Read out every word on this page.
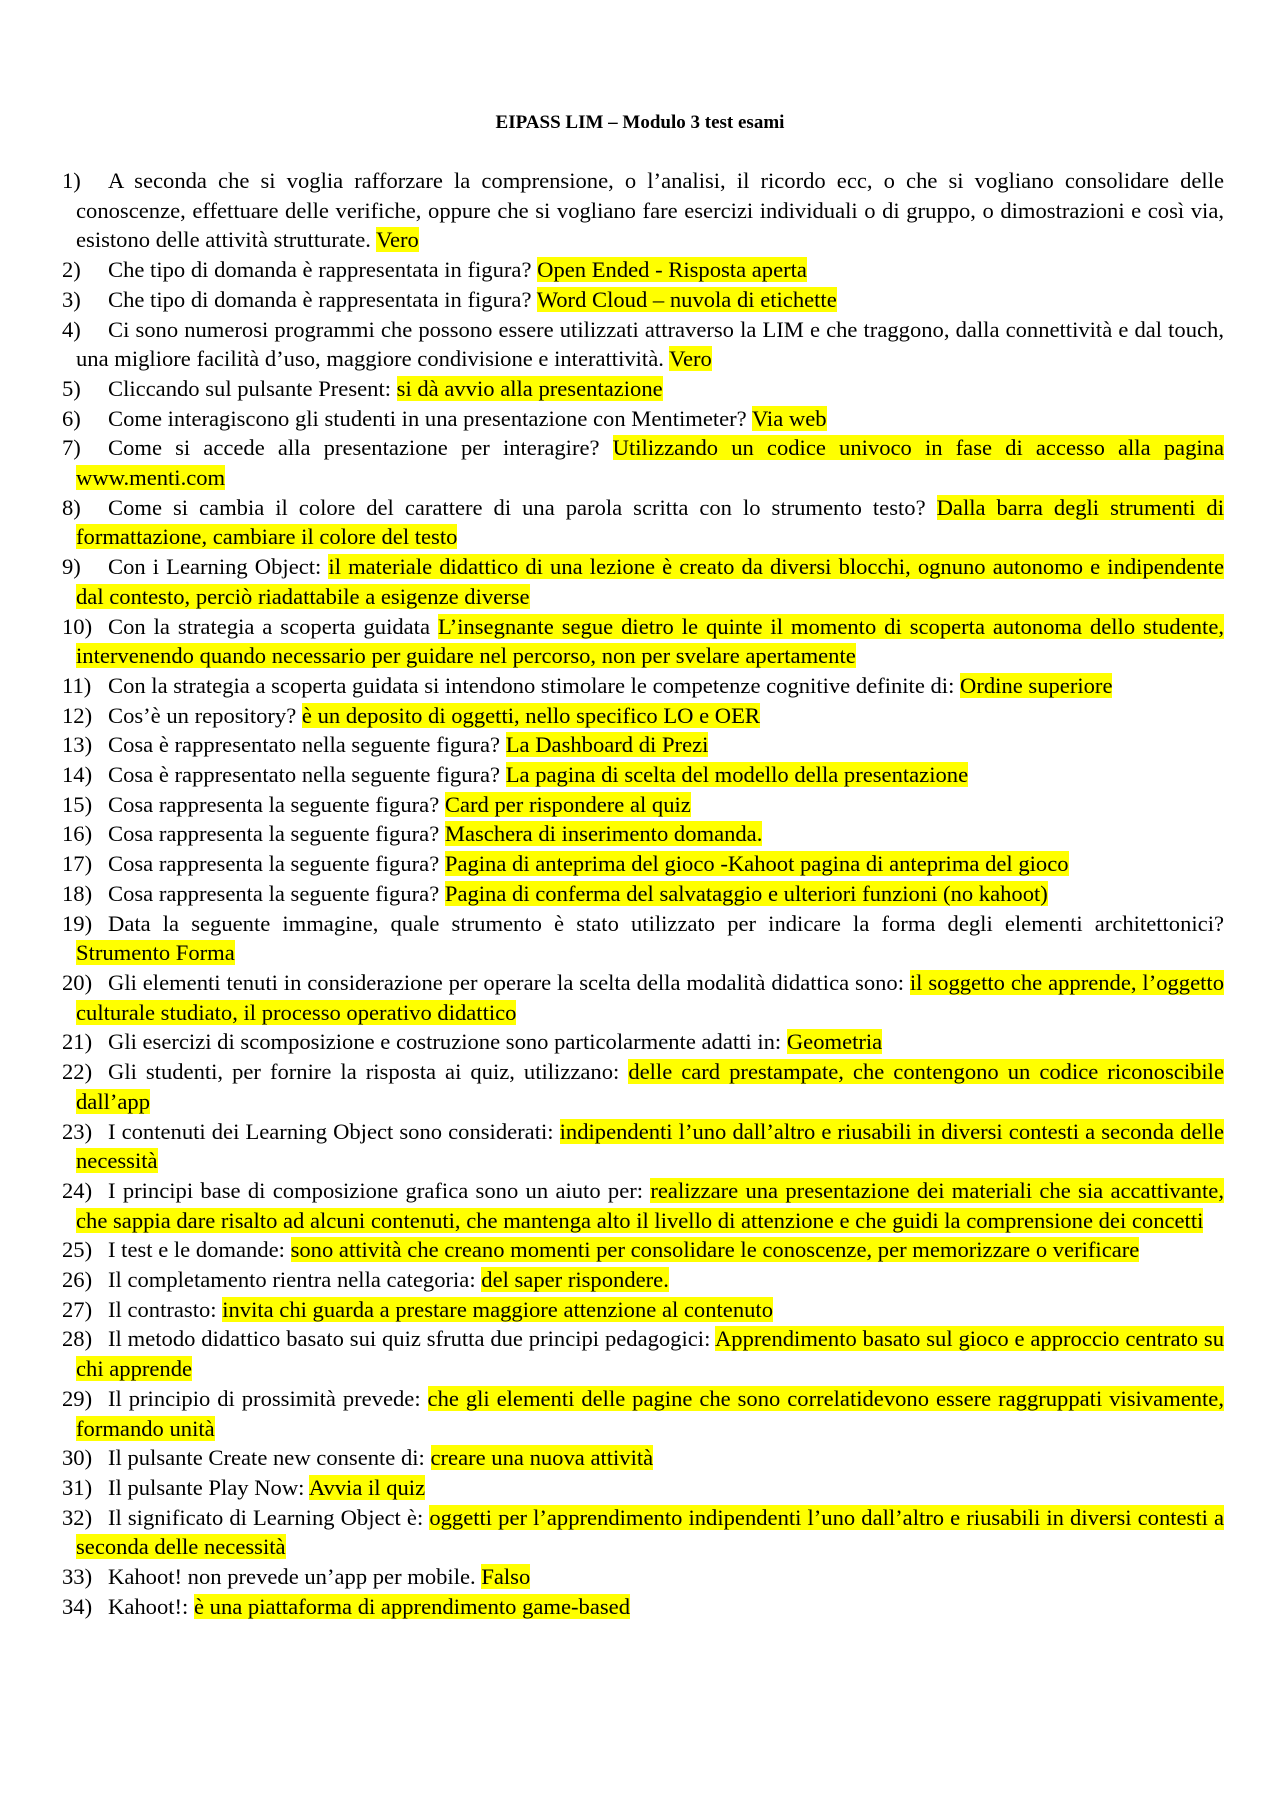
EIPASS LIM – Modulo 3 test esami
1) A seconda che si voglia rafforzare la comprensione, o l’analisi, il ricordo ecc, o che si vogliano consolidare delle conoscenze, effettuare delle verifiche, oppure che si vogliano fare esercizi individuali o di gruppo, o dimostrazioni e così via, esistono delle attività strutturate. Vero
2) Che tipo di domanda è rappresentata in figura? Open Ended - Risposta aperta
3) Che tipo di domanda è rappresentata in figura? Word Cloud – nuvola di etichette
4) Ci sono numerosi programmi che possono essere utilizzati attraverso la LIM e che traggono, dalla connettività e dal touch, una migliore facilità d’uso, maggiore condivisione e interattività. Vero
5) Cliccando sul pulsante Present: si dà avvio alla presentazione
6) Come interagiscono gli studenti in una presentazione con Mentimeter? Via web
7) Come si accede alla presentazione per interagire? Utilizzando un codice univoco in fase di accesso alla pagina www.menti.com
8) Come si cambia il colore del carattere di una parola scritta con lo strumento testo? Dalla barra degli strumenti di formattazione, cambiare il colore del testo
9) Con i Learning Object: il materiale didattico di una lezione è creato da diversi blocchi, ognuno autonomo e indipendente dal contesto, perciò riadattabile a esigenze diverse
10) Con la strategia a scoperta guidata L’insegnante segue dietro le quinte il momento di scoperta autonoma dello studente, intervenendo quando necessario per guidare nel percorso, non per svelare apertamente
11) Con la strategia a scoperta guidata si intendono stimolare le competenze cognitive definite di: Ordine superiore
12) Cos’è un repository? è un deposito di oggetti, nello specifico LO e OER
13) Cosa è rappresentato nella seguente figura? La Dashboard di Prezi
14) Cosa è rappresentato nella seguente figura? La pagina di scelta del modello della presentazione
15) Cosa rappresenta la seguente figura? Card per rispondere al quiz
16) Cosa rappresenta la seguente figura? Maschera di inserimento domanda.
17) Cosa rappresenta la seguente figura? Pagina di anteprima del gioco -Kahoot pagina di anteprima del gioco
18) Cosa rappresenta la seguente figura? Pagina di conferma del salvataggio e ulteriori funzioni (no kahoot)
19) Data la seguente immagine, quale strumento è stato utilizzato per indicare la forma degli elementi architettonici? Strumento Forma
20) Gli elementi tenuti in considerazione per operare la scelta della modalità didattica sono: il soggetto che apprende, l’oggetto culturale studiato, il processo operativo didattico
21) Gli esercizi di scomposizione e costruzione sono particolarmente adatti in: Geometria
22) Gli studenti, per fornire la risposta ai quiz, utilizzano: delle card prestampate, che contengono un codice riconoscibile dall’app
23) I contenuti dei Learning Object sono considerati: indipendenti l’uno dall’altro e riusabili in diversi contesti a seconda delle necessità
24) I principi base di composizione grafica sono un aiuto per: realizzare una presentazione dei materiali che sia accattivante, che sappia dare risalto ad alcuni contenuti, che mantenga alto il livello di attenzione e che guidi la comprensione dei concetti
25) I test e le domande: sono attività che creano momenti per consolidare le conoscenze, per memorizzare o verificare
26) Il completamento rientra nella categoria: del saper rispondere.
27) Il contrasto: invita chi guarda a prestare maggiore attenzione al contenuto
28) Il metodo didattico basato sui quiz sfrutta due principi pedagogici: Apprendimento basato sul gioco e approccio centrato su chi apprende
29) Il principio di prossimità prevede: che gli elementi delle pagine che sono correlatidevono essere raggruppati visivamente, formando unità
30) Il pulsante Create new consente di: creare una nuova attività
31) Il pulsante Play Now: Avvia il quiz
32) Il significato di Learning Object è: oggetti per l’apprendimento indipendenti l’uno dall’altro e riusabili in diversi contesti a seconda delle necessità
33) Kahoot! non prevede un’app per mobile. Falso
34) Kahoot!: è una piattaforma di apprendimento game-based
